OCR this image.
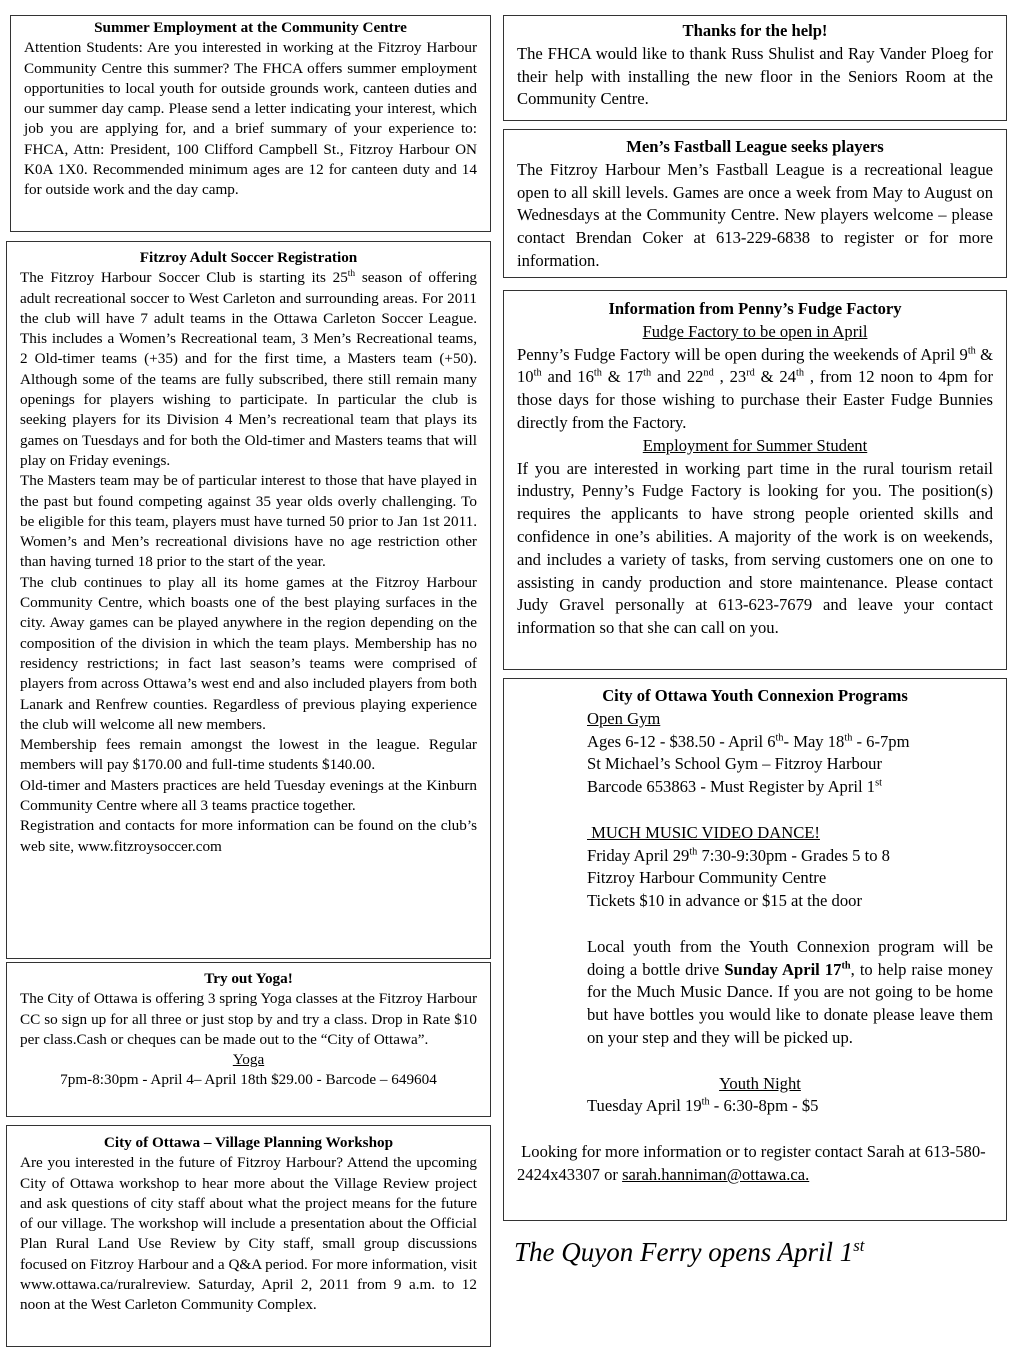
Summer Employment at the Community Centre

Attention Students: Are you interested in working at the Fitzroy Harbour Community Centre this summer? The FHCA offers summer employment opportunities to local youth for outside grounds work, canteen duties and our summer day camp. Please send a letter indicating your interest, which job you are applying for, and a brief summary of your experience to: FHCA, Attn: President, 100 Clifford Campbell St., Fitzroy Harbour ON K0A 1X0. Recommended minimum ages are 12 for canteen duty and 14 for outside work and the day camp.

Fitzroy Adult Soccer Registration

The Fitzroy Harbour Soccer Club is starting its 25th season of offering adult recreational soccer to West Carleton and surrounding areas. For 2011 the club will have 7 adult teams in the Ottawa Carleton Soccer League. This includes a Women’s Recreational team, 3 Men’s Recreational teams, 2 Old-timer teams (+35) and for the first time, a Masters team (+50). Although some of the teams are fully subscribed, there still remain many openings for players wishing to participate. In particular the club is seeking players for its Division 4 Men’s recreational team that plays its games on Tuesdays and for both the Old-timer and Masters teams that will play on Friday evenings.

The Masters team may be of particular interest to those that have played in the past but found competing against 35 year olds overly challenging. To be eligible for this team, players must have turned 50 prior to Jan 1st 2011. Women’s and Men’s recreational divisions have no age restriction other than having turned 18 prior to the start of the year.

The club continues to play all its home games at the Fitzroy Harbour Community Centre, which boasts one of the best playing surfaces in the city. Away games can be played anywhere in the region depending on the composition of the division in which the team plays. Membership has no residency restrictions; in fact last season’s teams were comprised of players from across Ottawa’s west end and also included players from both Lanark and Renfrew counties. Regardless of previous playing experience the club will welcome all new members.

Membership fees remain amongst the lowest in the league. Regular members will pay $170.00 and full-time students $140.00.

Old-timer and Masters practices are held Tuesday evenings at the Kinburn Community Centre where all 3 teams practice together.

Registration and contacts for more information can be found on the club’s web site, www.fitzroysoccer.com

Try out Yoga!

The City of Ottawa is offering 3 spring Yoga classes at the Fitzroy Harbour CC so sign up for all three or just stop by and try a class. Drop in Rate $10 per class.Cash or cheques can be made out to the “City of Ottawa”.

Yoga
7pm-8:30pm - April 4– April 18th $29.00 - Barcode – 649604
City of Ottawa – Village Planning Workshop

Are you interested in the future of Fitzroy Harbour? Attend the upcoming City of Ottawa workshop to hear more about the Village Review project and ask questions of city staff about what the project means for the future of our village. The workshop will include a presentation about the Official Plan Rural Land Use Review by City staff, small group discussions focused on Fitzroy Harbour and a Q&A period. For more information, visit www.ottawa.ca/ruralreview. Saturday, April 2, 2011 from 9 a.m. to 12 noon at the West Carleton Community Complex.

Thanks for the help!

The FHCA would like to thank Russ Shulist and Ray Vander Ploeg for their help with installing the new floor in the Seniors Room at the Community Centre.

Men’s Fastball League seeks players

The Fitzroy Harbour Men’s Fastball League is a recreational league open to all skill levels. Games are once a week from May to August on Wednesdays at the Community Centre. New players welcome – please contact Brendan Coker at 613-229-6838 to register or for more information.

Information from Penny’s Fudge Factory
Fudge Factory to be open in April

Penny’s Fudge Factory will be open during the weekends of April 9th & 10th and 16th & 17th and 22nd , 23rd & 24th , from 12 noon to 4pm for those days for those wishing to purchase their Easter Fudge Bunnies directly from the Factory.

Employment for Summer Student

If you are interested in working part time in the rural tourism retail industry, Penny’s Fudge Factory is looking for you. The position(s) requires the applicants to have strong people oriented skills and confidence in one’s abilities. A majority of the work is on weekends, and includes a variety of tasks, from serving customers one on one to assisting in candy production and store maintenance. Please contact Judy Gravel personally at 613-623-7679 and leave your contact information so that she can call on you.

City of Ottawa Youth Connexion Programs
Open Gym
Ages 6-12 - $38.50 - April 6th- May 18th - 6-7pm
St Michael’s School Gym – Fitzroy Harbour
Barcode 653863 - Must Register by April 1st
MUCH MUSIC VIDEO DANCE!
Friday April 29th 7:30-9:30pm - Grades 5 to 8
Fitzroy Harbour Community Centre
Tickets $10 in advance or $15 at the door

Local youth from the Youth Connexion program will be doing a bottle drive Sunday April 17th, to help raise money for the Much Music Dance. If you are not going to be home but have bottles you would like to donate please leave them on your step and they will be picked up.

Youth Night
Tuesday April 19th - 6:30-8pm - $5

Looking for more information or to register contact Sarah at 613-580-2424x43307 or sarah.hanniman@ottawa.ca.

The Quyon Ferry opens April 1st
